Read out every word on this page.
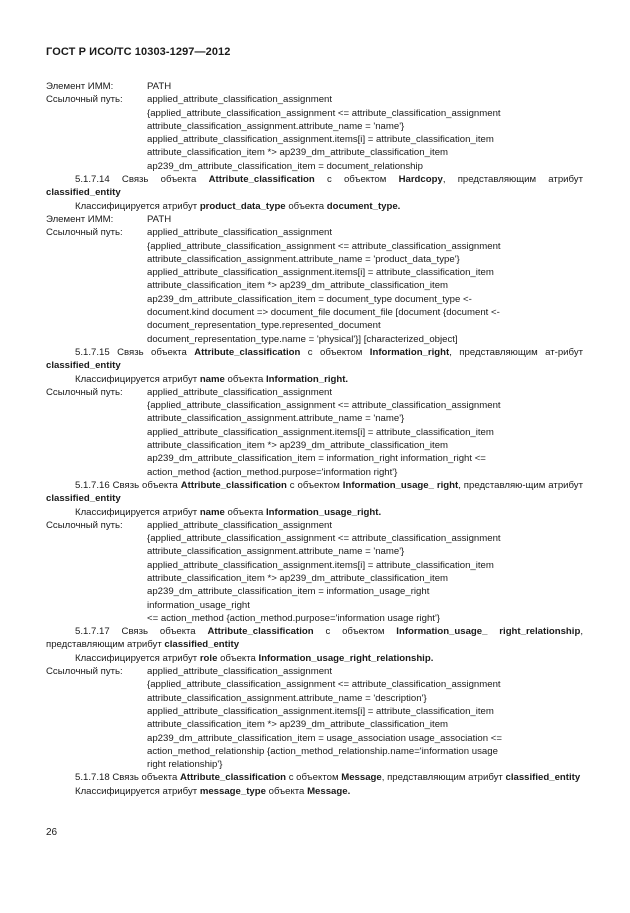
ГОСТ Р ИСО/ТС 10303-1297—2012
Элемент ИММ:	PATH
Ссылочный путь:	applied_attribute_classification_assignment
{applied_attribute_classification_assignment <= attribute_classification_assignment
attribute_classification_assignment.attribute_name = 'name'}
applied_attribute_classification_assignment.items[i] = attribute_classification_item
attribute_classification_item *> ap239_dm_attribute_classification_item
ap239_dm_attribute_classification_item = document_relationship
5.1.7.14 Связь объекта Attribute_classification с объектом Hardcopy, представляющим атрибут classified_entity
Классифицируется атрибут product_data_type объекта document_type.
Элемент ИММ:	PATH
Ссылочный путь:	applied_attribute_classification_assignment
{applied_attribute_classification_assignment <= attribute_classification_assignment
attribute_classification_assignment.attribute_name = 'product_data_type'}
applied_attribute_classification_assignment.items[i] = attribute_classification_item
attribute_classification_item *> ap239_dm_attribute_classification_item
ap239_dm_attribute_classification_item = document_type document_type <-
document.kind document => document_file document_file [document {document <-
document_representation_type.represented_document
document_representation_type.name = 'physical'}] [characterized_object]
5.1.7.15 Связь объекта Attribute_classification с объектом Information_right, представляющим ат-рибут classified_entity
Классифицируется атрибут name объекта Information_right.
Ссылочный путь:	applied_attribute_classification_assignment
{applied_attribute_classification_assignment <= attribute_classification_assignment
attribute_classification_assignment.attribute_name = 'name'}
applied_attribute_classification_assignment.items[i] = attribute_classification_item
attribute_classification_item *> ap239_dm_attribute_classification_item
ap239_dm_attribute_classification_item = information_right information_right <=
action_method {action_method.purpose='information right'}
5.1.7.16 Связь объекта Attribute_classification с объектом Information_usage_ right, представляю-щим атрибут classified_entity
Классифицируется атрибут name объекта Information_usage_right.
Ссылочный путь:	applied_attribute_classification_assignment
{applied_attribute_classification_assignment <= attribute_classification_assignment
attribute_classification_assignment.attribute_name = 'name'}
applied_attribute_classification_assignment.items[i] = attribute_classification_item
attribute_classification_item *> ap239_dm_attribute_classification_item
ap239_dm_attribute_classification_item = information_usage_right
information_usage_right
<= action_method {action_method.purpose='information usage right'}
5.1.7.17 Связь объекта Attribute_classification с объектом Information_usage_ right_relationship, представляющим атрибут classified_entity
Классифицируется атрибут role объекта Information_usage_right_relationship.
Ссылочный путь:	applied_attribute_classification_assignment
{applied_attribute_classification_assignment <= attribute_classification_assignment
attribute_classification_assignment.attribute_name = 'description'}
applied_attribute_classification_assignment.items[i] = attribute_classification_item
attribute_classification_item *> ap239_dm_attribute_classification_item
ap239_dm_attribute_classification_item = usage_association usage_association <=
action_method_relationship {action_method_relationship.name='information usage
right relationship'}
5.1.7.18 Связь объекта Attribute_classification с объектом Message, представляющим атрибут classified_entity
Классифицируется атрибут message_type объекта Message.
26
